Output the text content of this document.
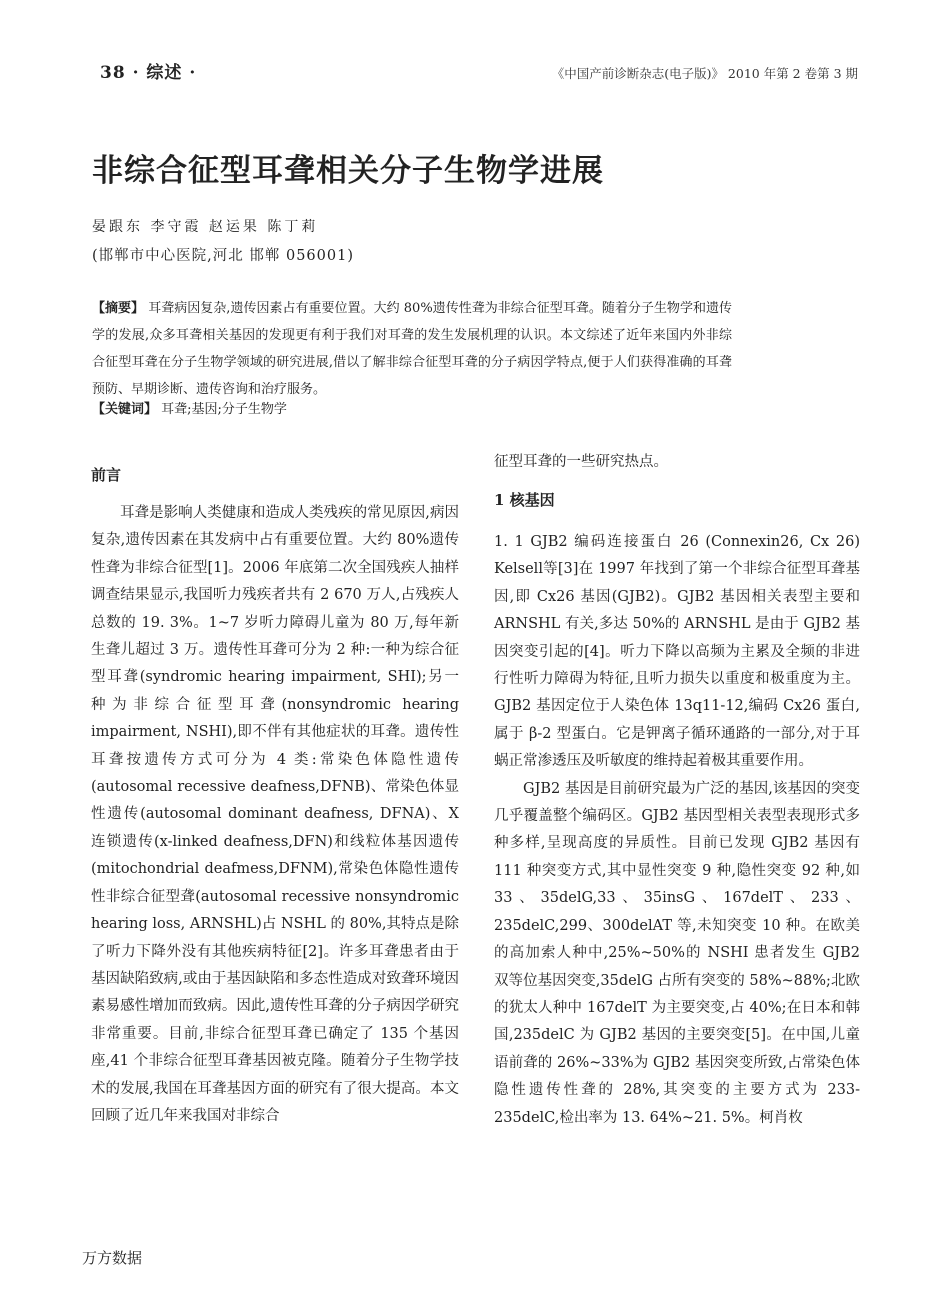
38 · 综述 ·	《中国产前诊断杂志(电子版)》 2010 年第 2 卷第 3 期
非综合征型耳聋相关分子生物学进展
晏跟东 李守霞 赵运果 陈丁莉
(邯郸市中心医院,河北 邯郸 056001)
【摘要】 耳聋病因复杂,遗传因素占有重要位置。大约 80%遗传性聋为非综合征型耳聋。随着分子生物学和遗传学的发展,众多耳聋相关基因的发现更有利于我们对耳聋的发生发展机理的认识。本文综述了近年来国内外非综合征型耳聋在分子生物学领域的研究进展,借以了解非综合征型耳聋的分子病因学特点,便于人们获得准确的耳聋预防、早期诊断、遗传咨询和治疗服务。
【关键词】 耳聋;基因;分子生物学
前言

耳聋是影响人类健康和造成人类残疾的常见原因,病因复杂,遗传因素在其发病中占有重要位置。大约 80%遗传性聋为非综合征型[1]。2006 年底第二次全国残疾人抽样调查结果显示,我国听力残疾者共有 2 670 万人,占残疾人总数的 19. 3%。1~7 岁听力障碍儿童为 80 万,每年新生聋儿超过 3 万。遗传性耳聋可分为 2 种:一种为综合征型耳聋(syndromic hearing impairment, SHI);另一种为非综合征型耳聋(nonsyndromic hearing impairment, NSHI),即不伴有其他症状的耳聋。遗传性耳聋按遗传方式可分为 4 类:常染色体隐性遗传(autosomal recessive deafness,DFNB)、常染色体显性遗传(autosomal dominant deafness, DFNA)、X 连锁遗传(x-linked deafness,DFN)和线粒体基因遗传(mitochondrial deafmess,DFNM),常染色体隐性遗传性非综合征型聋(autosomal recessive nonsyndromic hearing loss, ARNSHL)占 NSHL 的 80%,其特点是除了听力下降外没有其他疾病特征[2]。许多耳聋患者由于基因缺陷致病,或由于基因缺陷和多态性造成对致聋环境因素易感性增加而致病。因此,遗传性耳聋的分子病因学研究非常重要。目前,非综合征型耳聋已确定了 135 个基因座,41 个非综合征型耳聋基因被克隆。随着分子生物学技术的发展,我国在耳聋基因方面的研究有了很大提高。本文回顾了近几年来我国对非综合

征型耳聋的一些研究热点。
1 核基因

1. 1 GJB2 编码连接蛋白 26 (Connexin26, Cx 26) Kelsell等[3]在 1997 年找到了第一个非综合征型耳聋基因,即 Cx26 基因(GJB2)。GJB2 基因相关表型主要和 ARNSHL 有关,多达 50%的 ARNSHL 是由于 GJB2 基因突变引起的[4]。听力下降以高频为主累及全频的非进行性听力障碍为特征,且听力损失以重度和极重度为主。GJB2 基因定位于人染色体 13q11-12,编码 Cx26 蛋白,属于 β-2 型蛋白。它是钾离子循环通路的一部分,对于耳蜗正常渗透压及听敏度的维持起着极其重要作用。

GJB2 基因是目前研究最为广泛的基因,该基因的突变几乎覆盖整个编码区。GJB2 基因型相关表型表现形式多种多样,呈现高度的异质性。目前已发现 GJB2 基因有 111 种突变方式,其中显性突变 9 种,隐性突变 92 种,如 33、35delG,33、35insG、167delT、233、235delC,299、300delAT 等,未知突变 10 种。在欧美的高加索人种中,25%~50%的 NSHI 患者发生 GJB2 双等位基因突变,35delG 占所有突变的 58%~88%;北欧的犹太人种中 167delT 为主要突变,占 40%;在日本和韩国,235delC 为 GJB2 基因的主要突变[5]。在中国,儿童语前聋的 26%~33%为 GJB2 基因突变所致,占常染色体隐性遗传性聋的 28%,其突变的主要方式为 233-235delC,检出率为 13. 64%~21. 5%。柯肖枚

万方数据
